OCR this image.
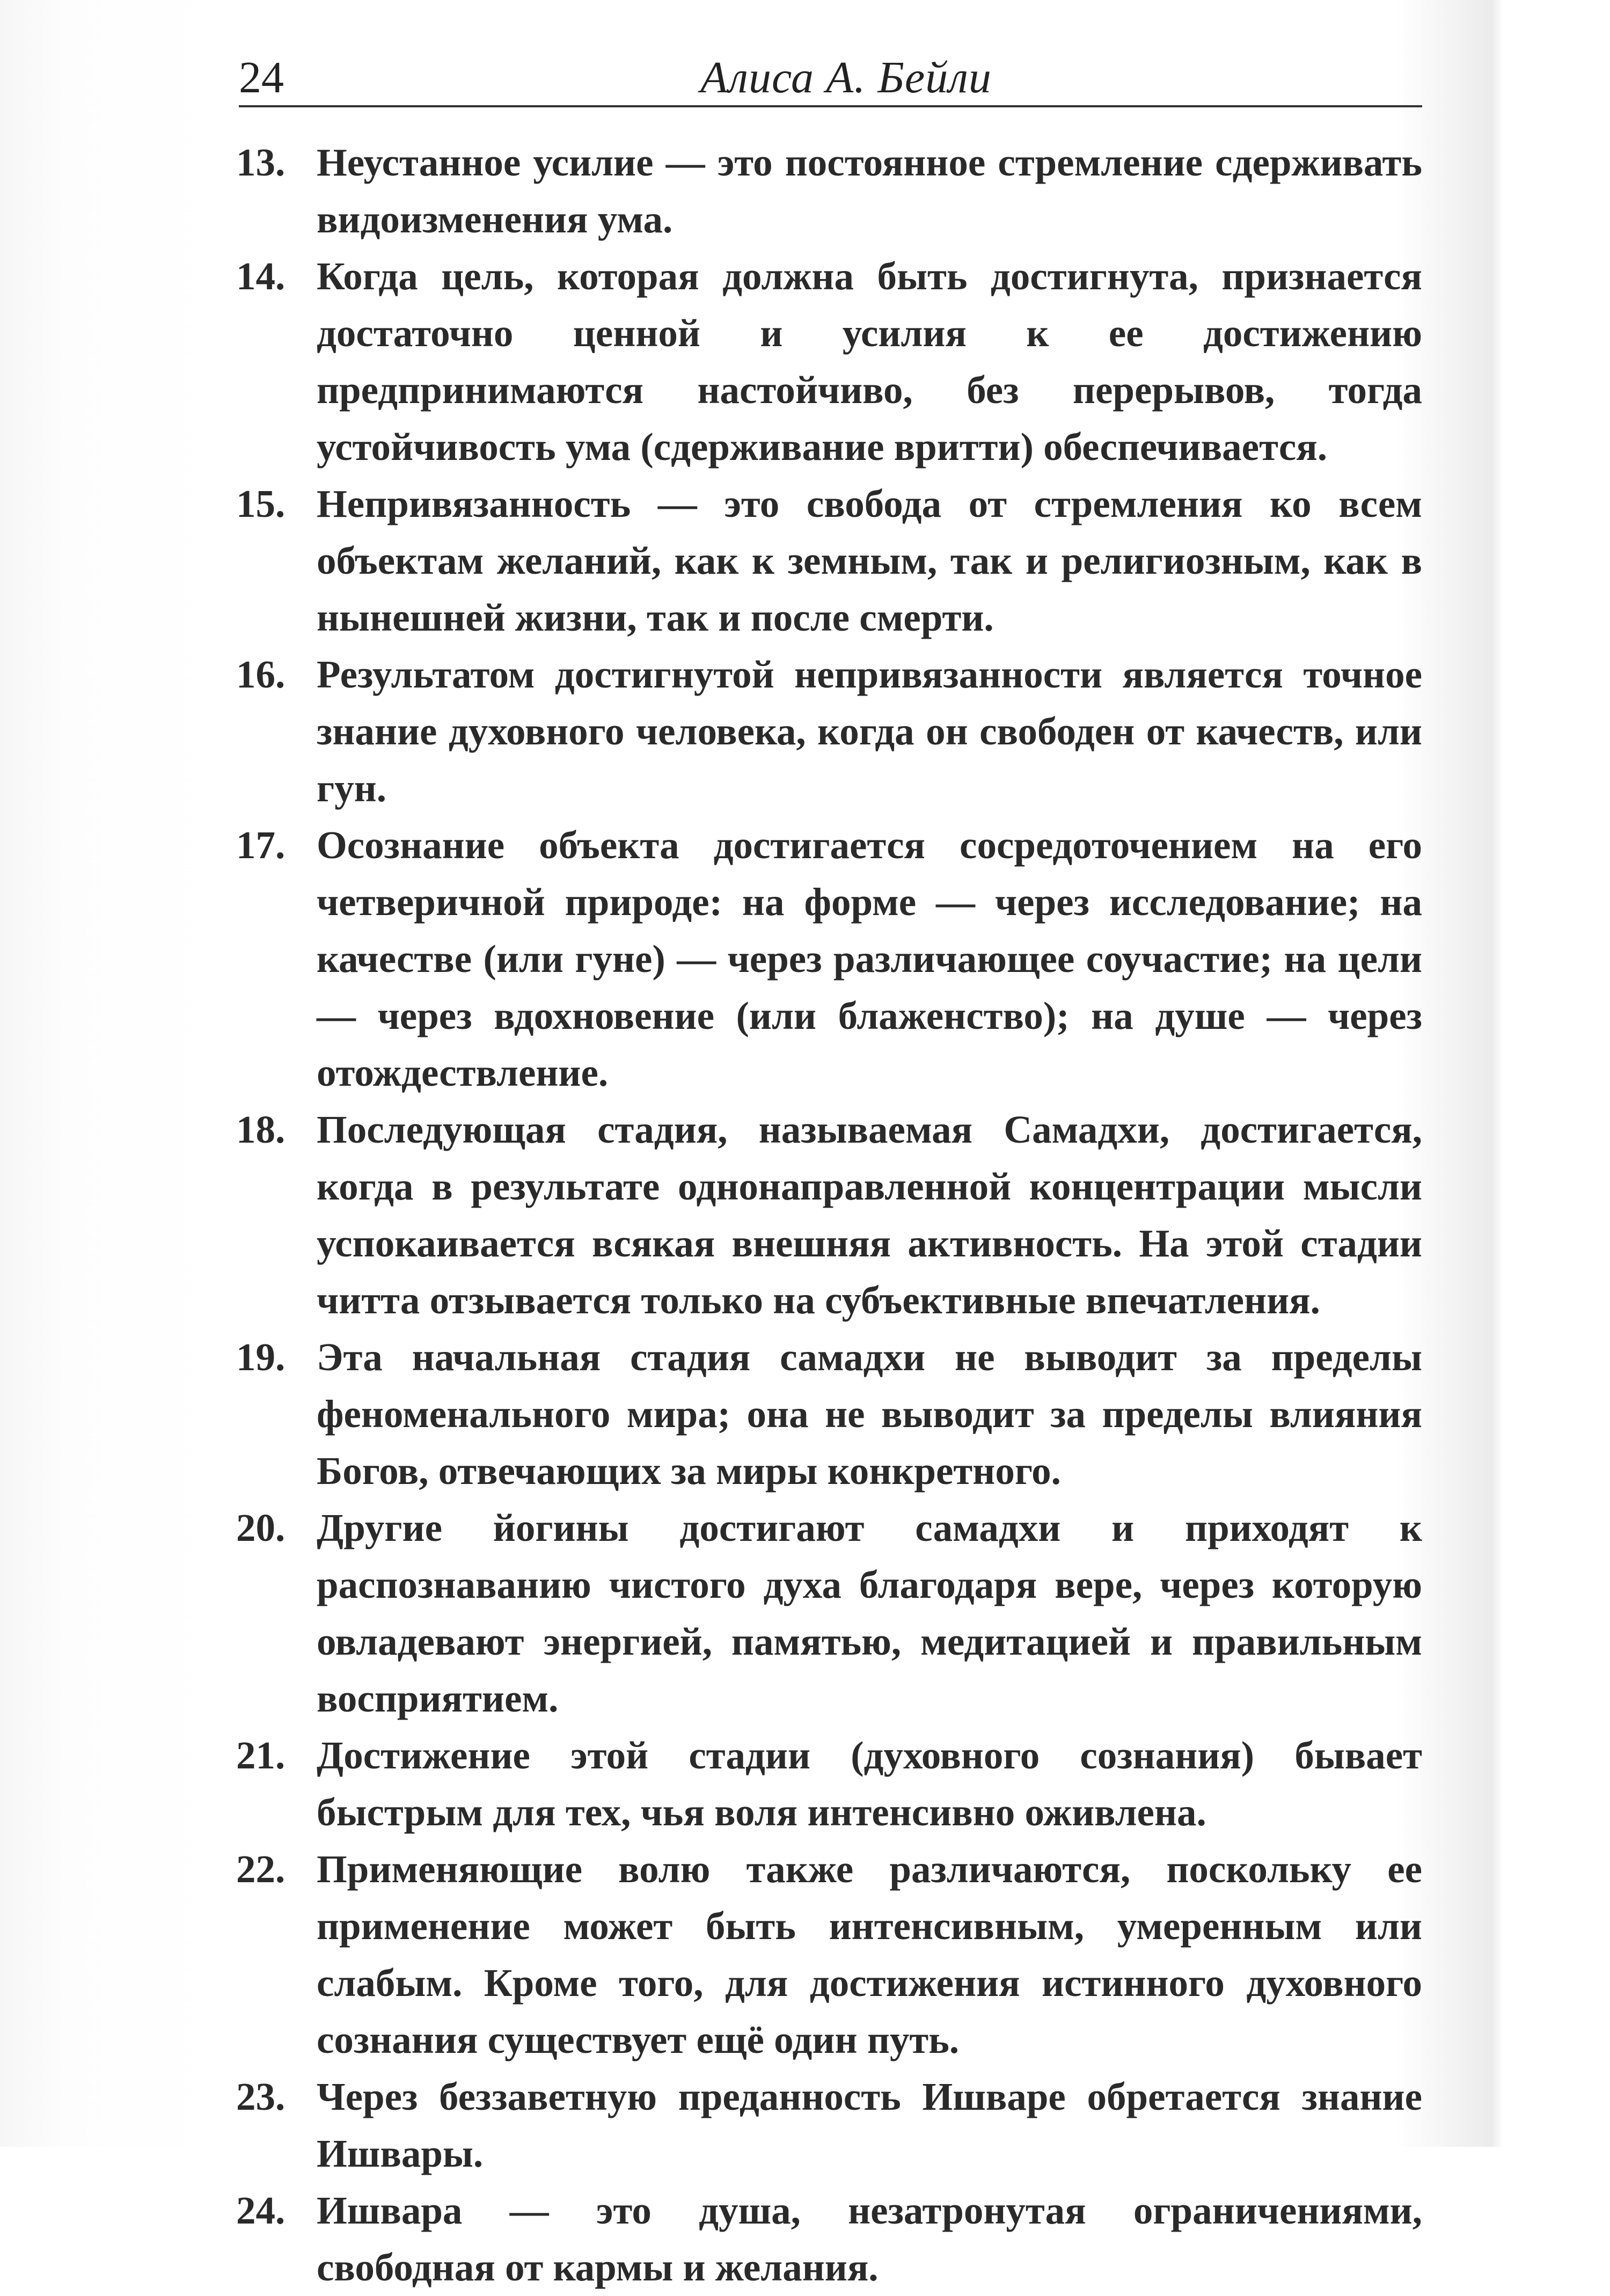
24	Алиса А. Бейли

13. Неустанное усилие — это постоянное стремление сдерживать видоизменения ума.

14. Когда цель, которая должна быть достигнута, признается достаточно ценной и усилия к ее достижению предпринимаются настойчиво, без перерывов, тогда устойчивость ума (сдерживание вритти) обеспечивается.

15. Непривязанность — это свобода от стремления ко всем объектам желаний, как к земным, так и религиозным, как в нынешней жизни, так и после смерти.

16. Результатом достигнутой непривязанности является точное знание духовного человека, когда он свободен от качеств, или гун.

17. Осознание объекта достигается сосредоточением на его четверичной природе: на форме — через исследование; на качестве (или гуне) — через различающее соучастие; на цели — через вдохновение (или блаженство); на душе — через отождествление.

18. Последующая стадия, называемая Самадхи, достигается, когда в результате однонаправленной концентрации мысли успокаивается всякая внешняя активность. На этой стадии читта отзывается только на субъективные впечатления.

19. Эта начальная стадия самадхи не выводит за пределы феноменального мира; она не выводит за пределы влияния Богов, отвечающих за миры конкретного.

20. Другие йогины достигают самадхи и приходят к распознаванию чистого духа благодаря вере, через которую овладевают энергией, памятью, медитацией и правильным восприятием.

21. Достижение этой стадии (духовного сознания) бывает быстрым для тех, чья воля интенсивно оживлена.

22. Применяющие волю также различаются, поскольку ее применение может быть интенсивным, умеренным или слабым. Кроме того, для достижения истинного духовного сознания существует ещё один путь.

23. Через беззаветную преданность Ишваре обретается знание Ишвары.

24. Ишвара — это душа, незатронутая ограничениями, свободная от кармы и желания.
